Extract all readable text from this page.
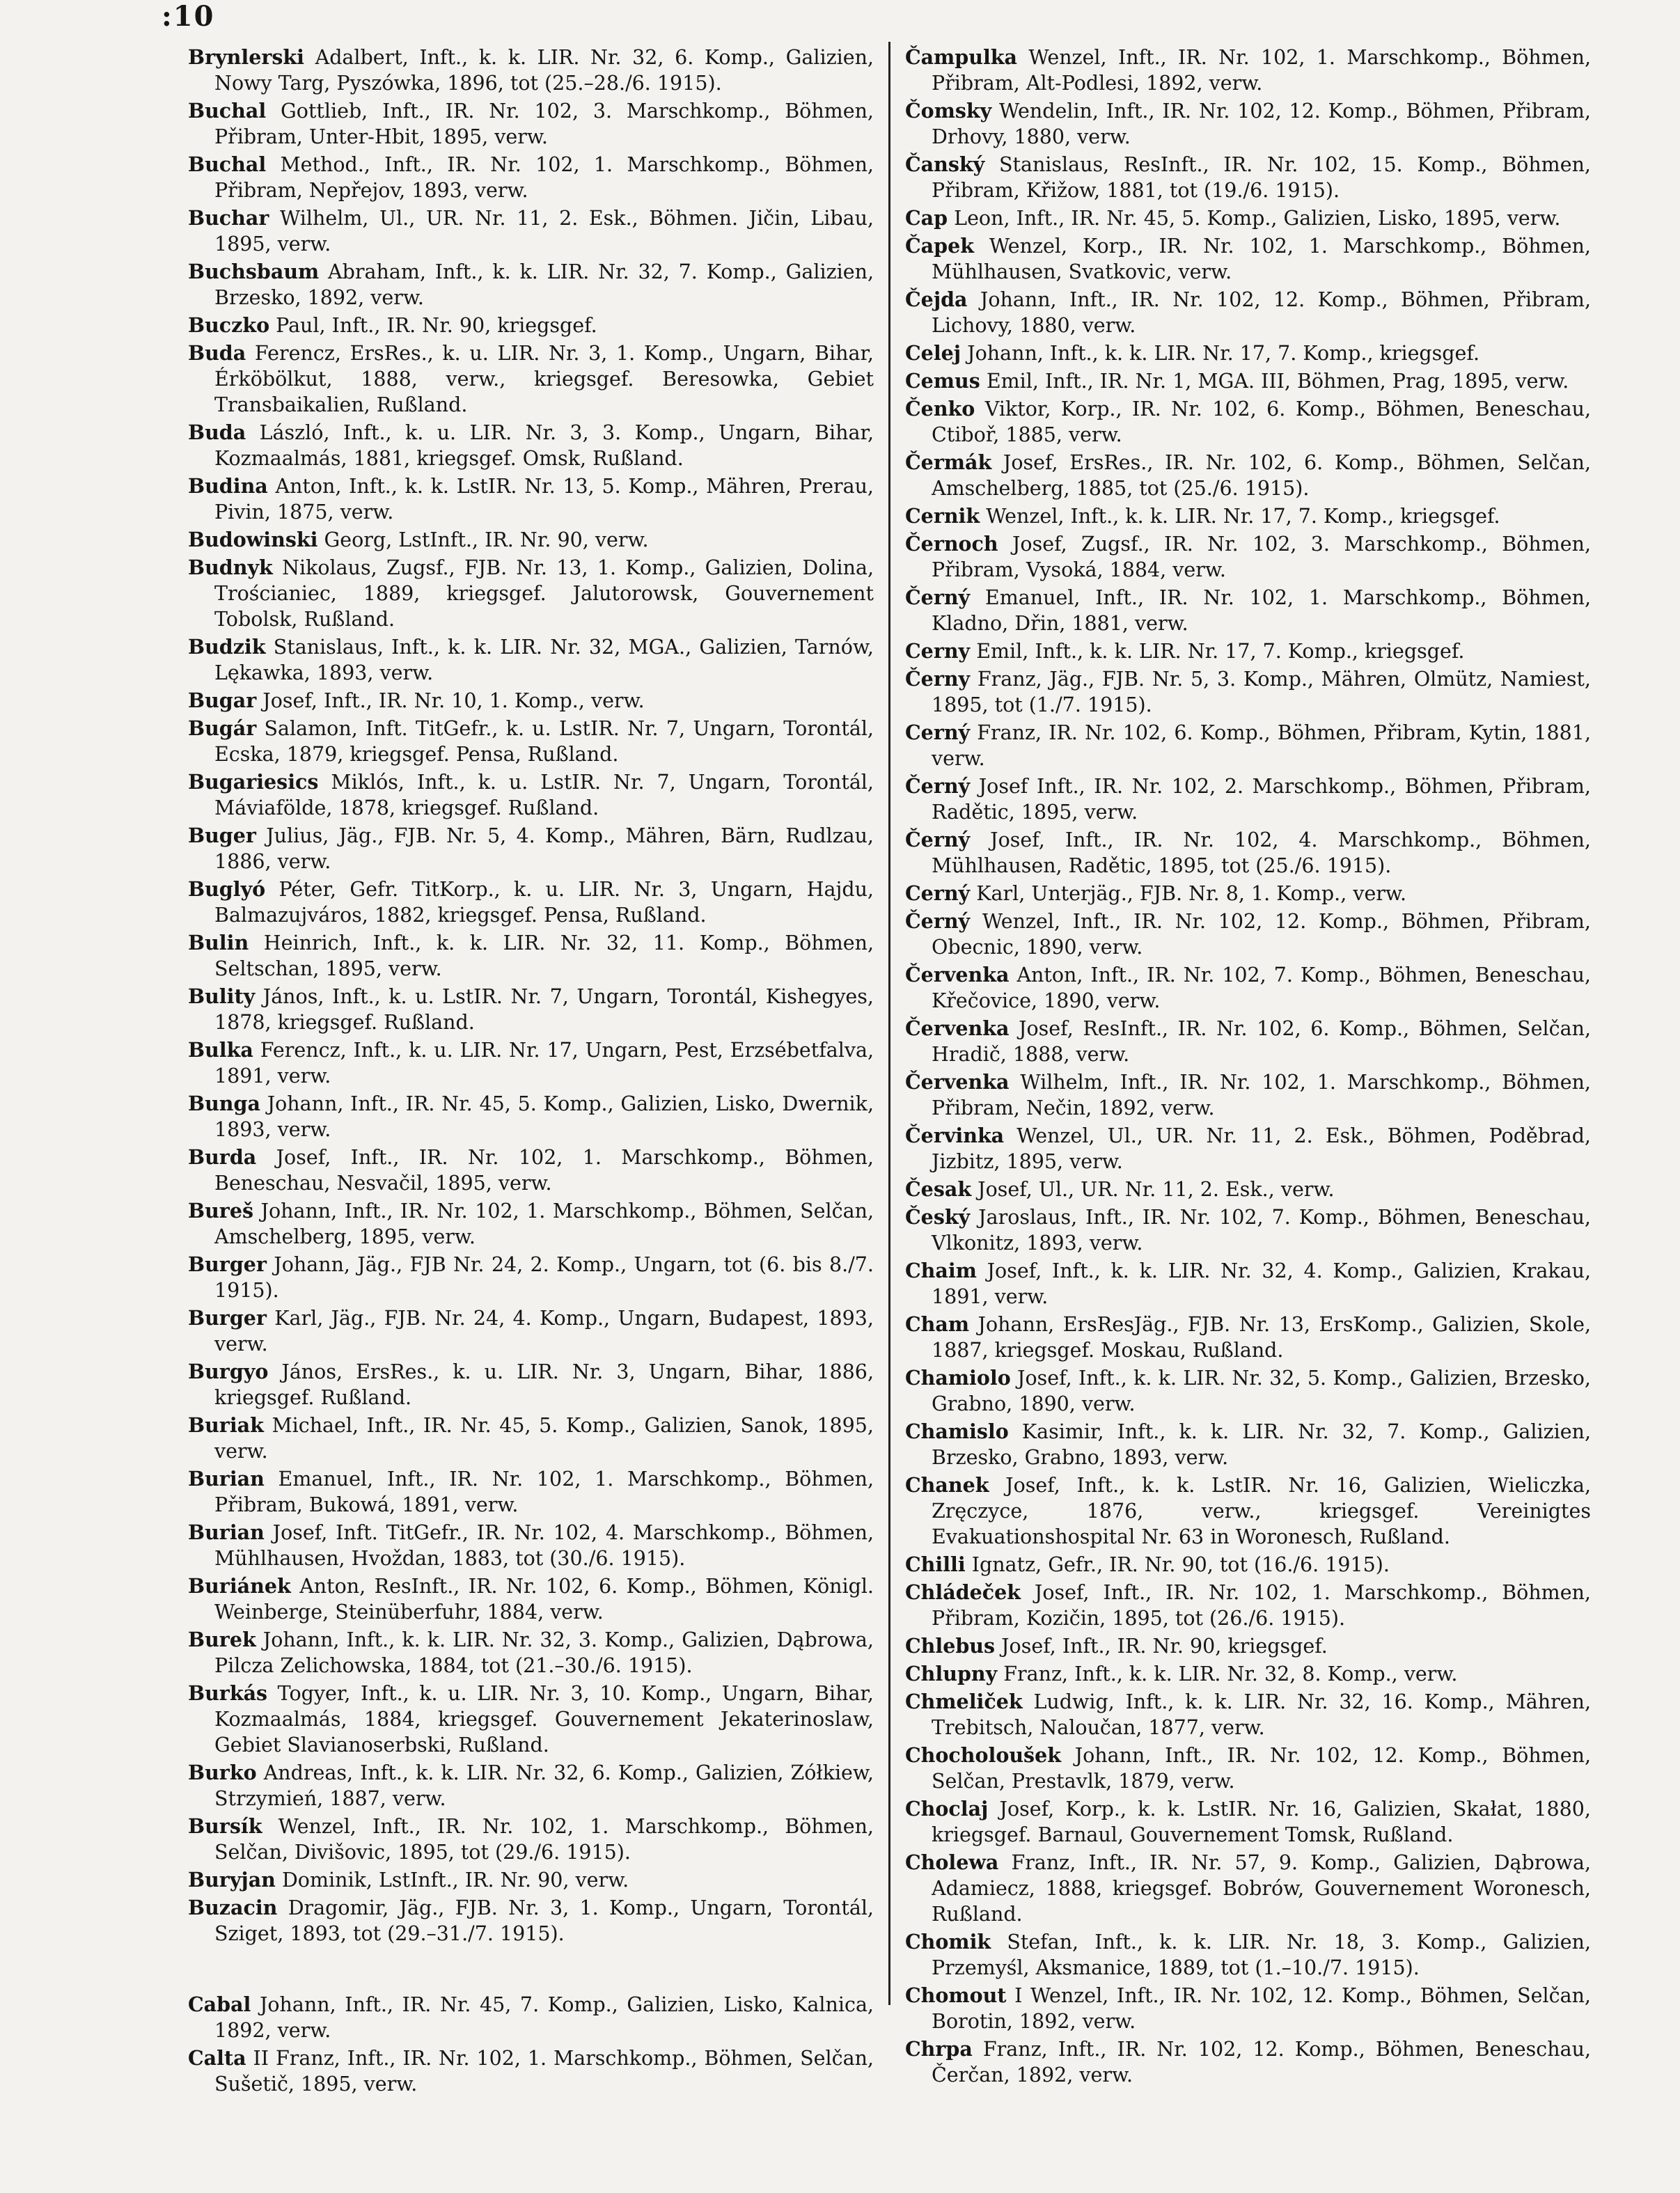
:10

Brynlerski Adalbert, Inft., k. k. LIR. Nr. 32, 6. Komp., Galizien, Nowy Targ, Pyszówka, 1896, tot (25.–28./6. 1915).

Buchal Gottlieb, Inft., IR. Nr. 102, 3. Marschkomp., Böhmen, Přibram, Unter-Hbit, 1895, verw.

Buchal Method., Inft., IR. Nr. 102, 1. Marschkomp., Böhmen, Přibram, Nepřejov, 1893, verw.

Buchar Wilhelm, Ul., UR. Nr. 11, 2. Esk., Böhmen. Jičin, Libau, 1895, verw.

Buchsbaum Abraham, Inft., k. k. LIR. Nr. 32, 7. Komp., Galizien, Brzesko, 1892, verw.

Buczko Paul, Inft., IR. Nr. 90, kriegsgef.

Buda Ferencz, ErsRes., k. u. LIR. Nr. 3, 1. Komp., Ungarn, Bihar, Érköbölkut, 1888, verw., kriegsgef. Beresowka, Gebiet Transbaikalien, Rußland.

Buda László, Inft., k. u. LIR. Nr. 3, 3. Komp., Ungarn, Bihar, Kozmaalmás, 1881, kriegsgef. Omsk, Rußland.

Budina Anton, Inft., k. k. LstIR. Nr. 13, 5. Komp., Mähren, Prerau, Pivin, 1875, verw.

Budowinski Georg, LstInft., IR. Nr. 90, verw.

Budnyk Nikolaus, Zugsf., FJB. Nr. 13, 1. Komp., Galizien, Dolina, Trościaniec, 1889, kriegsgef. Jalutorowsk, Gouvernement Tobolsk, Rußland.

Budzik Stanislaus, Inft., k. k. LIR. Nr. 32, MGA., Galizien, Tarnów, Lękawka, 1893, verw.

Bugar Josef, Inft., IR. Nr. 10, 1. Komp., verw.

Bugár Salamon, Inft. TitGefr., k. u. LstIR. Nr. 7, Ungarn, Torontál, Ecska, 1879, kriegsgef. Pensa, Rußland.

Bugariesics Miklós, Inft., k. u. LstIR. Nr. 7, Ungarn, Torontál, Máviafölde, 1878, kriegsgef. Rußland.

Buger Julius, Jäg., FJB. Nr. 5, 4. Komp., Mähren, Bärn, Rudlzau, 1886, verw.

Buglyó Péter, Gefr. TitKorp., k. u. LIR. Nr. 3, Ungarn, Hajdu, Balmazujváros, 1882, kriegsgef. Pensa, Rußland.

Bulin Heinrich, Inft., k. k. LIR. Nr. 32, 11. Komp., Böhmen, Seltschan, 1895, verw.

Bulity János, Inft., k. u. LstIR. Nr. 7, Ungarn, Torontál, Kishegyes, 1878, kriegsgef. Rußland.

Bulka Ferencz, Inft., k. u. LIR. Nr. 17, Ungarn, Pest, Erzsébetfalva, 1891, verw.

Bunga Johann, Inft., IR. Nr. 45, 5. Komp., Galizien, Lisko, Dwernik, 1893, verw.

Burda Josef, Inft., IR. Nr. 102, 1. Marschkomp., Böhmen, Beneschau, Nesvačil, 1895, verw.

Bureš Johann, Inft., IR. Nr. 102, 1. Marschkomp., Böhmen, Selčan, Amschelberg, 1895, verw.

Burger Johann, Jäg., FJB Nr. 24, 2. Komp., Ungarn, tot (6. bis 8./7. 1915).

Burger Karl, Jäg., FJB. Nr. 24, 4. Komp., Ungarn, Budapest, 1893, verw.

Burgyo János, ErsRes., k. u. LIR. Nr. 3, Ungarn, Bihar, 1886, kriegsgef. Rußland.

Buriak Michael, Inft., IR. Nr. 45, 5. Komp., Galizien, Sanok, 1895, verw.

Burian Emanuel, Inft., IR. Nr. 102, 1. Marschkomp., Böhmen, Přibram, Bukowá, 1891, verw.

Burian Josef, Inft. TitGefr., IR. Nr. 102, 4. Marschkomp., Böhmen, Mühlhausen, Hvoždan, 1883, tot (30./6. 1915).

Buriánek Anton, ResInft., IR. Nr. 102, 6. Komp., Böhmen, Königl. Weinberge, Steinüberfuhr, 1884, verw.

Burek Johann, Inft., k. k. LIR. Nr. 32, 3. Komp., Galizien, Dąbrowa, Pilcza Zelichowska, 1884, tot (21.–30./6. 1915).

Burkás Togyer, Inft., k. u. LIR. Nr. 3, 10. Komp., Ungarn, Bihar, Kozmaalmás, 1884, kriegsgef. Gouvernement Jekaterinoslaw, Gebiet Slavianoserbski, Rußland.

Burko Andreas, Inft., k. k. LIR. Nr. 32, 6. Komp., Galizien, Zółkiew, Strzymień, 1887, verw.

Bursík Wenzel, Inft., IR. Nr. 102, 1. Marschkomp., Böhmen, Selčan, Divišovic, 1895, tot (29./6. 1915).

Buryjan Dominik, LstInft., IR. Nr. 90, verw.

Buzacin Dragomir, Jäg., FJB. Nr. 3, 1. Komp., Ungarn, Torontál, Sziget, 1893, tot (29.–31./7. 1915).

Cabal Johann, Inft., IR. Nr. 45, 7. Komp., Galizien, Lisko, Kalnica, 1892, verw.

Calta II Franz, Inft., IR. Nr. 102, 1. Marschkomp., Böhmen, Selčan, Sušetič, 1895, verw.

Čampulka Wenzel, Inft., IR. Nr. 102, 1. Marschkomp., Böhmen, Přibram, Alt-Podlesi, 1892, verw.

Čomsky Wendelin, Inft., IR. Nr. 102, 12. Komp., Böhmen, Přibram, Drhovy, 1880, verw.

Čanský Stanislaus, ResInft., IR. Nr. 102, 15. Komp., Böhmen, Přibram, Křižow, 1881, tot (19./6. 1915).

Cap Leon, Inft., IR. Nr. 45, 5. Komp., Galizien, Lisko, 1895, verw.

Čapek Wenzel, Korp., IR. Nr. 102, 1. Marschkomp., Böhmen, Mühlhausen, Svatkovic, verw.

Čejda Johann, Inft., IR. Nr. 102, 12. Komp., Böhmen, Přibram, Lichovy, 1880, verw.

Celej Johann, Inft., k. k. LIR. Nr. 17, 7. Komp., kriegsgef.

Cemus Emil, Inft., IR. Nr. 1, MGA. III, Böhmen, Prag, 1895, verw.

Čenko Viktor, Korp., IR. Nr. 102, 6. Komp., Böhmen, Beneschau, Ctiboř, 1885, verw.

Čermák Josef, ErsRes., IR. Nr. 102, 6. Komp., Böhmen, Selčan, Amschelberg, 1885, tot (25./6. 1915).

Cernik Wenzel, Inft., k. k. LIR. Nr. 17, 7. Komp., kriegsgef.

Černoch Josef, Zugsf., IR. Nr. 102, 3. Marschkomp., Böhmen, Přibram, Vysoká, 1884, verw.

Černý Emanuel, Inft., IR. Nr. 102, 1. Marschkomp., Böhmen, Kladno, Dřin, 1881, verw.

Cerny Emil, Inft., k. k. LIR. Nr. 17, 7. Komp., kriegsgef.

Černy Franz, Jäg., FJB. Nr. 5, 3. Komp., Mähren, Olmütz, Namiest, 1895, tot (1./7. 1915).

Cerný Franz, IR. Nr. 102, 6. Komp., Böhmen, Přibram, Kytin, 1881, verw.

Černý Josef Inft., IR. Nr. 102, 2. Marschkomp., Böhmen, Přibram, Radětic, 1895, verw.

Černý Josef, Inft., IR. Nr. 102, 4. Marschkomp., Böhmen, Mühlhausen, Radětic, 1895, tot (25./6. 1915).

Cerný Karl, Unterjäg., FJB. Nr. 8, 1. Komp., verw.

Černý Wenzel, Inft., IR. Nr. 102, 12. Komp., Böhmen, Přibram, Obecnic, 1890, verw.

Červenka Anton, Inft., IR. Nr. 102, 7. Komp., Böhmen, Beneschau, Křečovice, 1890, verw.

Červenka Josef, ResInft., IR. Nr. 102, 6. Komp., Böhmen, Selčan, Hradič, 1888, verw.

Červenka Wilhelm, Inft., IR. Nr. 102, 1. Marschkomp., Böhmen, Přibram, Nečin, 1892, verw.

Červinka Wenzel, Ul., UR. Nr. 11, 2. Esk., Böhmen, Poděbrad, Jizbitz, 1895, verw.

Česak Josef, Ul., UR. Nr. 11, 2. Esk., verw.

Český Jaroslaus, Inft., IR. Nr. 102, 7. Komp., Böhmen, Beneschau, Vlkonitz, 1893, verw.

Chaim Josef, Inft., k. k. LIR. Nr. 32, 4. Komp., Galizien, Krakau, 1891, verw.

Cham Johann, ErsResJäg., FJB. Nr. 13, ErsKomp., Galizien, Skole, 1887, kriegsgef. Moskau, Rußland.

Chamiolo Josef, Inft., k. k. LIR. Nr. 32, 5. Komp., Galizien, Brzesko, Grabno, 1890, verw.

Chamislo Kasimir, Inft., k. k. LIR. Nr. 32, 7. Komp., Galizien, Brzesko, Grabno, 1893, verw.

Chanek Josef, Inft., k. k. LstIR. Nr. 16, Galizien, Wieliczka, Zręczyce, 1876, verw., kriegsgef. Vereinigtes Evakuationshospital Nr. 63 in Woronesch, Rußland.

Chilli Ignatz, Gefr., IR. Nr. 90, tot (16./6. 1915).

Chládeček Josef, Inft., IR. Nr. 102, 1. Marschkomp., Böhmen, Přibram, Kozičin, 1895, tot (26./6. 1915).

Chlebus Josef, Inft., IR. Nr. 90, kriegsgef.

Chlupny Franz, Inft., k. k. LIR. Nr. 32, 8. Komp., verw.

Chmeliček Ludwig, Inft., k. k. LIR. Nr. 32, 16. Komp., Mähren, Trebitsch, Naloučan, 1877, verw.

Chocholoušek Johann, Inft., IR. Nr. 102, 12. Komp., Böhmen, Selčan, Prestavlk, 1879, verw.

Choclaj Josef, Korp., k. k. LstIR. Nr. 16, Galizien, Skałat, 1880, kriegsgef. Barnaul, Gouvernement Tomsk, Rußland.

Cholewa Franz, Inft., IR. Nr. 57, 9. Komp., Galizien, Dąbrowa, Adamiecz, 1888, kriegsgef. Bobrów, Gouvernement Woronesch, Rußland.

Chomik Stefan, Inft., k. k. LIR. Nr. 18, 3. Komp., Galizien, Przemyśl, Aksmanice, 1889, tot (1.–10./7. 1915).

Chomout I Wenzel, Inft., IR. Nr. 102, 12. Komp., Böhmen, Selčan, Borotin, 1892, verw.

Chrpa Franz, Inft., IR. Nr. 102, 12. Komp., Böhmen, Beneschau, Čerčan, 1892, verw.
